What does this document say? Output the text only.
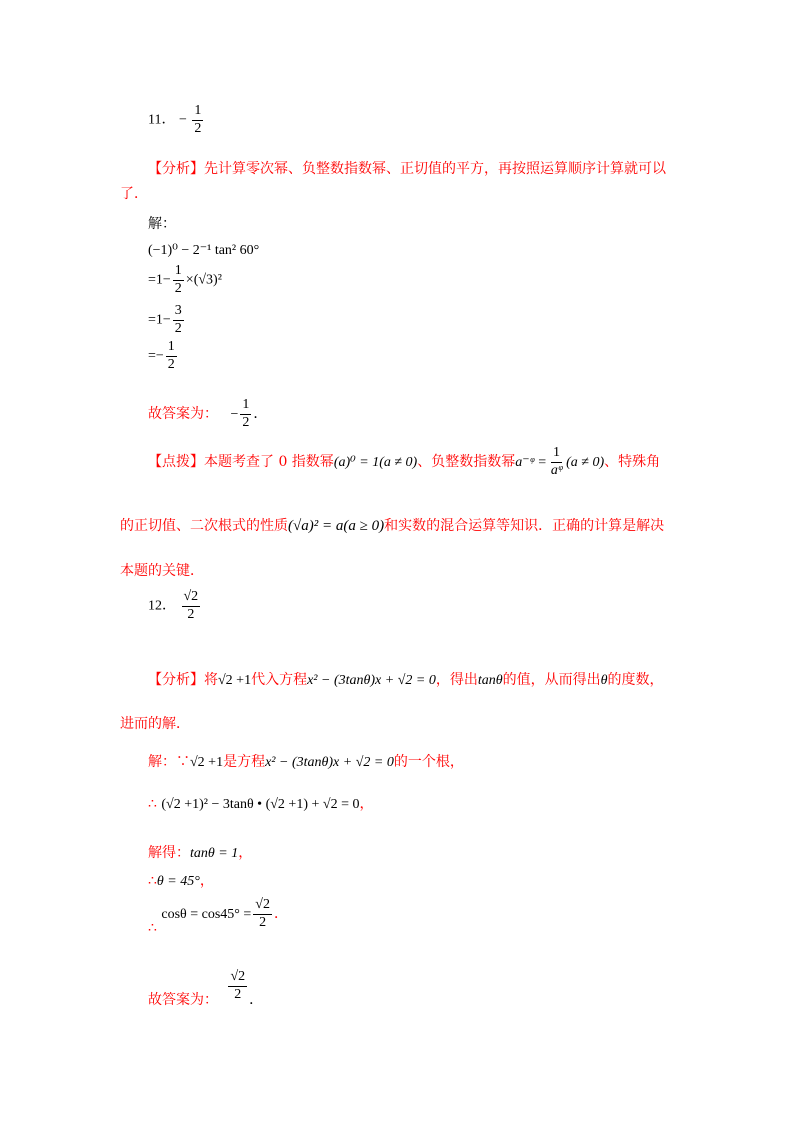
11． − $\frac{1}{2}$
【分析】先计算零次幂、负整数指数幂、正切值的平方，再按照运算顺序计算就可以
了．
解：
(−1)⁰ − 2⁻¹ tan² 60°
$=1- \frac{1}{2} \times(√3)^2$
$=1- \frac{3}{2}$
=− $\frac{1}{2}$
故答案为： − $\frac{1}{2}$ ．
【点拨】本题考查了 0 指数幂(a)⁰ = 1(a ≠ 0)、负整数指数幂a⁻ᵠ = $\frac{1}{\text{aᵠ}} (a \ne 0)$、特殊角
的正切值、二次根式的性质(√a)² = a(a ≥ 0)和实数的混合运算等知识．正确的计算是解决
本题的关键．
12． $\frac{√2}{2}$
【分析】将√2 +1代入方程x² − (3tanθ)x + √2 = 0，得出tanθ的值，从而得出θ的度数，
进而的解．
解：∵√2 +1是方程x² − (3tanθ)x + √2 = 0的一个根，
∴ (√2 +1)² − 3tanθ • (√2 +1) + √2 = 0，
解得：tanθ = 1，
∴θ = 45°，
∴ $\cos\theta = \cos 45^\circ = \frac{√2}{2}$ ．
故答案为： $\frac{√2}{2}$ ．
